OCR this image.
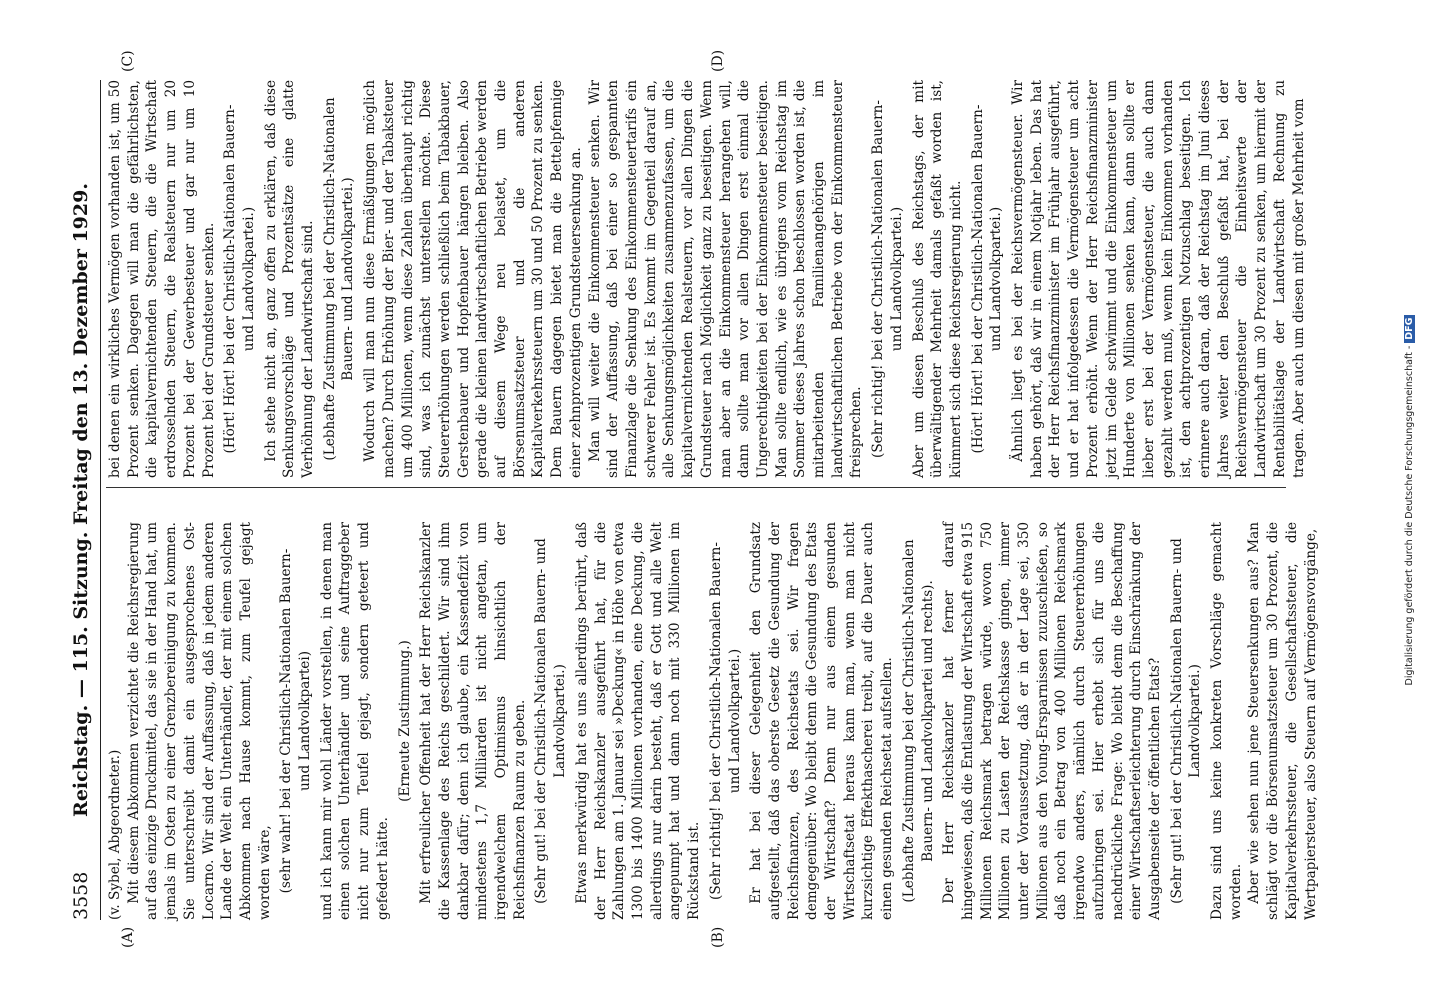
3558
Reichstag. — 115. Sitzung. Freitag den 13. Dezember 1929.
(A)	(B)
(C)	(D)

(v. Sybel, Abgeordneter.) Mit diesem Abkommen verzichtet die Reichsregierung auf das einzige Druckmittel, das sie in der Hand hat, um jemals im Osten zu einer Grenzbereinigung zu kommen. Sie unterschreibt damit ein ausgesprochenes Ost-Locarno. Wir sind der Auffassung, daß in jedem anderen Lande der Welt ein Unterhändler, der mit einem solchen Abkommen nach Hause kommt, zum Teufel gejagt worden wäre, (sehr wahr! bei der Christlich-Nationalen Bauern- und Landvolkpartei) und ich kann mir wohl Länder vorstellen, in denen man einen solchen Unterhändler und seine Auftraggeber nicht nur zum Teufel gejagt, sondern geteert und gefedert hätte.

(Erneute Zustimmung.) Mit erfreulicher Offenheit hat der Herr Reichskanzler die Kassenlage des Reichs geschildert. Wir sind ihm dankbar dafür; denn ich glaube, ein Kassendefizit von mindestens 1,7 Milliarden ist nicht angetan, um irgendwelchem Optimismus hinsichtlich der Reichsfinanzen Raum zu geben. (Sehr gut! bei der Christlich-Nationalen Bauern- und Landvolkpartei.) Etwas merkwürdig hat es uns allerdings berührt, daß der Herr Reichskanzler ausgeführt hat, für die Zahlungen am 1. Januar sei »Deckung« in Höhe von etwa 1300 bis 1400 Millionen vorhanden, eine Deckung, die allerdings nur darin besteht, daß er Gott und alle Welt angepumpt hat und dann noch mit 330 Millionen im Rückstand ist. (Sehr richtig! bei der Christlich-Nationalen Bauern- und Landvolkpartei.) Er hat bei dieser Gelegenheit den Grundsatz aufgestellt, daß das oberste Gesetz die Gesundung der Reichsfinanzen, des Reichsetats sei. Wir fragen demgegenüber: Wo bleibt denn die Gesundung des Etats der Wirtschaft? Denn nur aus einem gesunden Wirtschaftsetat heraus kann man, wenn man nicht kurzsichtige Effekthascherei treibt, auf die Dauer auch einen gesunden Reichsetat aufstellen. (Lebhafte Zustimmung bei der Christlich-Nationalen Bauern- und Landvolkpartei und rechts). Der Herr Reichskanzler hat ferner darauf hingewiesen, daß die Entlastung der Wirtschaft etwa 915 Millionen Reichsmark betragen würde, wovon 750 Millionen zu Lasten der Reichskasse gingen, immer unter der Voraussetzung, daß er in der Lage sei, 350 Millionen aus den Young-Ersparnissen zuzuschießen, so daß noch ein Betrag von 400 Millionen Reichsmark irgendwo anders, nämlich durch Steuererhöhungen aufzubringen sei. Hier erhebt sich für uns die nachdrückliche Frage: Wo bleibt denn die Beschaffung einer Wirtschaftserleichterung durch Einschränkung der Ausgabenseite der öffentlichen Etats? (Sehr gut! bei der Christlich-Nationalen Bauern- und Landvolkpartei.) Dazu sind uns keine konkreten Vorschläge gemacht worden. Aber wie sehen nun jene Steuersenkungen aus? Man schlägt vor die Börsenumsatzsteuer um 30 Prozent, die Kapitalverkehrssteuer, die Gesellschaftssteuer, die Wertpapiersteuer, also Steuern auf Vermögensvorgänge,

bei denen ein wirkliches Vermögen vorhanden ist, um 50 Prozent senken. Dagegen will man die gefährlichsten, die kapitalvernichtenden Steuern, die die Wirtschaft erdrosselnden Steuern, die Realsteuern nur um 20 Prozent bei der Gewerbesteuer und gar nur um 10 Prozent bei der Grundsteuer senken. (Hört! Hört! bei der Christlich-Nationalen Bauern- und Landvolkpartei.) Ich stehe nicht an, ganz offen zu erklären, daß diese Senkungsvorschläge und Prozentsätze eine glatte Verhöhnung der Landwirtschaft sind. (Lebhafte Zustimmung bei der Christlich-Nationalen Bauern- und Landvolkpartei.) Wodurch will man nun diese Ermäßigungen möglich machen? Durch Erhöhung der Bier- und der Tabaksteuer um 400 Millionen, wenn diese Zahlen überhaupt richtig sind, was ich zunächst unterstellen möchte. Diese Steuererhöhungen werden schließlich beim Tabakbauer, Gerstenbauer und Hopfenbauer hängen bleiben. Also gerade die kleinen landwirtschaftlichen Betriebe werden auf diesem Wege neu belastet, um die Börsenumsatzsteuer und die anderen Kapitalverkehrssteuern um 30 und 50 Prozent zu senken. Dem Bauern dagegen bietet man die Bettelpfennige einer zehnprozentigen Grundsteuersenkung an. Man will weiter die Einkommensteuer senken. Wir sind der Auffassung, daß bei einer so gespannten Finanzlage die Senkung des Einkommensteuertarifs ein schwerer Fehler ist. Es kommt im Gegenteil darauf an, alle Senkungsmöglichkeiten zusammenzufassen, um die kapitalvernichtenden Realsteuern, vor allen Dingen die Grundsteuer nach Möglichkeit ganz zu beseitigen. Wenn man aber an die Einkommensteuer herangehen will, dann sollte man vor allen Dingen erst einmal die Ungerechtigkeiten bei der Einkommensteuer beseitigen. Man sollte endlich, wie es übrigens vom Reichstag im Sommer dieses Jahres schon beschlossen worden ist, die mitarbeitenden Familienangehörigen im landwirtschaftlichen Betriebe von der Einkommensteuer freisprechen. (Sehr richtig! bei der Christlich-Nationalen Bauern- und Landvolkpartei.) Aber um diesen Beschluß des Reichstags, der mit überwältigender Mehrheit damals gefaßt worden ist, kümmert sich diese Reichsregierung nicht. (Hört! Hört! bei der Christlich-Nationalen Bauern- und Landvolkpartei.) Ähnlich liegt es bei der Reichsvermögensteuer. Wir haben gehört, daß wir in einem Notjahr leben. Das hat der Herr Reichsfinanzminister im Frühjahr ausgeführt, und er hat infolgedessen die Vermögensteuer um acht Prozent erhöht. Wenn der Herr Reichsfinanzminister jetzt im Gelde schwimmt und die Einkommensteuer um Hunderte von Millionen senken kann, dann sollte er lieber erst bei der Vermögensteuer, die auch dann gezahlt werden muß, wenn kein Einkommen vorhanden ist, den achtprozentigen Notzuschlag beseitigen. Ich erinnere auch daran, daß der Reichstag im Juni dieses Jahres weiter den Beschluß gefaßt hat, bei der Reichsvermögensteuer die Einheitswerte der Landwirtschaft um 30 Prozent zu senken, um hiermit der Rentabilitätslage der Landwirtschaft Rechnung zu tragen. Aber auch um diesen mit großer Mehrheit vom

Digitalisierung gefördert durch die Deutsche Forschungsgemeinschaft -DFG
